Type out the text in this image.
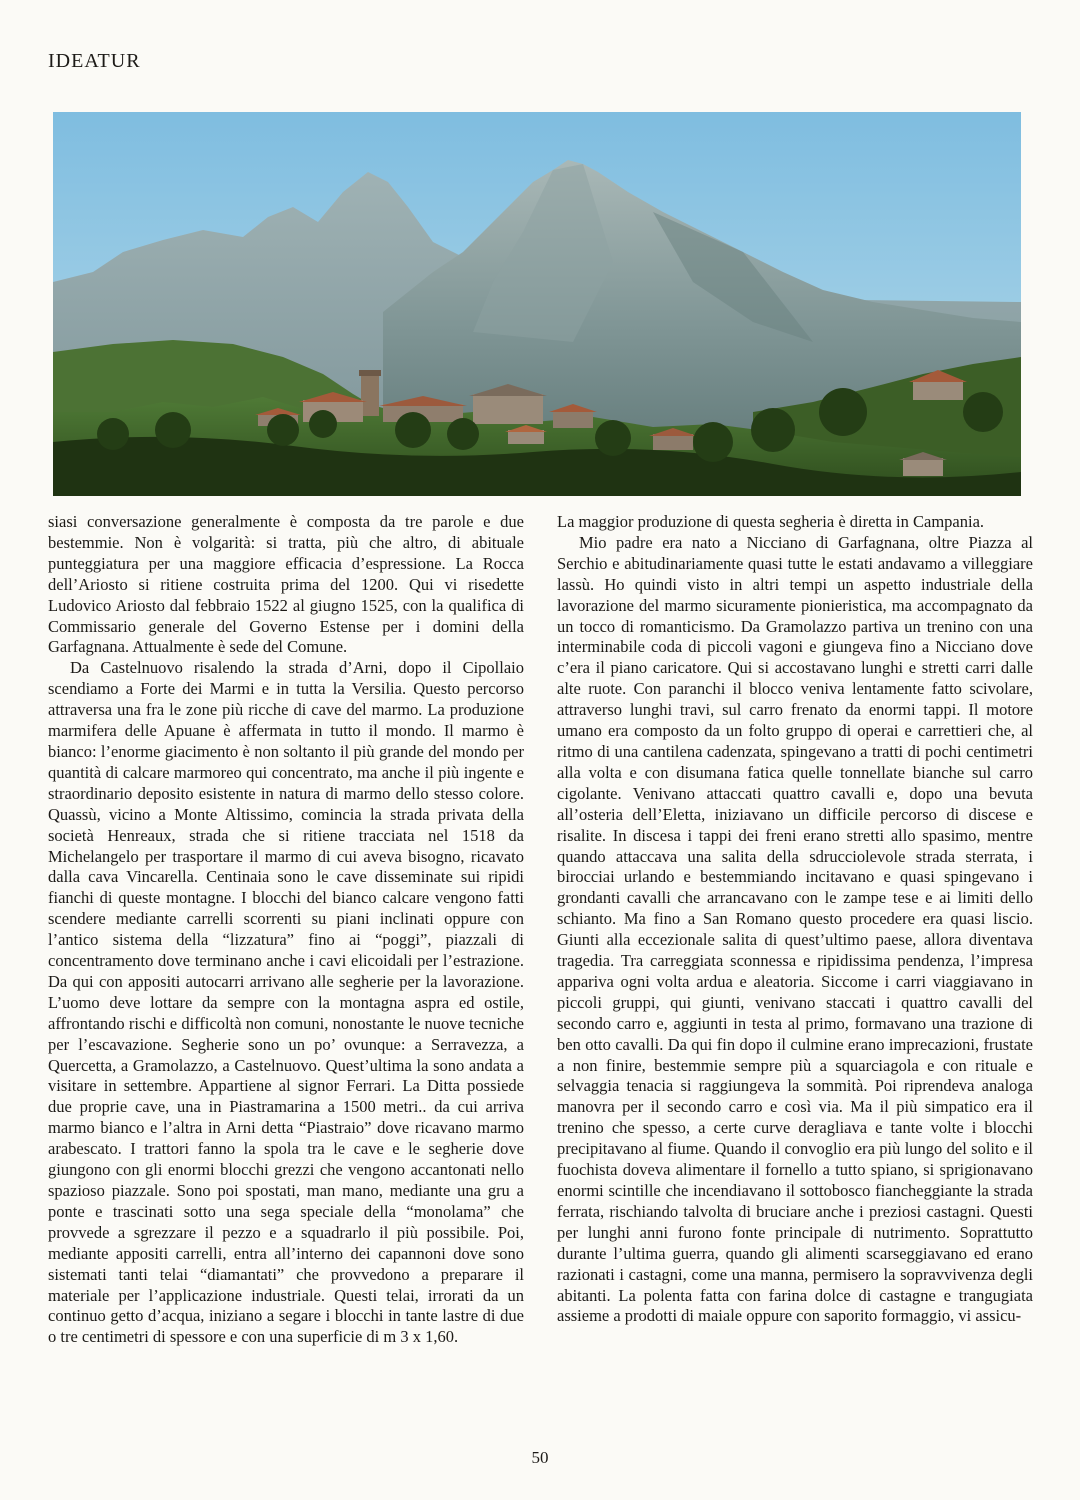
IDEATUR

siasi conversazione generalmente è composta da tre parole e due bestemmie. Non è volgarità: si tratta, più che altro, di abituale punteggiatura per una maggiore efficacia d’espressione. La Rocca dell’Ariosto si ritiene costruita prima del 1200. Qui vi risedette Ludovico Ariosto dal febbraio 1522 al giugno 1525, con la qualifica di Commissario generale del Governo Estense per i domini della Garfagnana. Attualmente è sede del Comune.

Da Castelnuovo risalendo la strada d’Arni, dopo il Cipollaio scendiamo a Forte dei Marmi e in tutta la Versilia. Questo percorso attraversa una fra le zone più ricche di cave del marmo. La produzione marmifera delle Apuane è affermata in tutto il mondo. Il marmo è bianco: l’enorme giacimento è non soltanto il più grande del mondo per quantità di calcare marmoreo qui concentrato, ma anche il più ingente e straordinario deposito esistente in natura di marmo dello stesso colore. Quassù, vicino a Monte Altissimo, comincia la strada privata della società Henreaux, strada che si ritiene tracciata nel 1518 da Michelangelo per trasportare il marmo di cui aveva bisogno, ricavato dalla cava Vincarella. Centinaia sono le cave disseminate sui ripidi fianchi di queste montagne. I blocchi del bianco calcare vengono fatti scendere mediante carrelli scorrenti su piani inclinati oppure con l’antico sistema della “lizzatura” fino ai “poggi”, piazzali di concentramento dove terminano anche i cavi elicoidali per l’estrazione. Da qui con appositi autocarri arrivano alle segherie per la lavorazione. L’uomo deve lottare da sempre con la montagna aspra ed ostile, affrontando rischi e difficoltà non comuni, nonostante le nuove tecniche per l’escavazione. Segherie sono un po’ ovunque: a Serravezza, a Quercetta, a Gramolazzo, a Castelnuovo. Quest’ultima la sono andata a visitare in settembre. Appartiene al signor Ferrari. La Ditta possiede due proprie cave, una in Piastramarina a 1500 metri.. da cui arriva marmo bianco e l’altra in Arni detta “Piastraio” dove ricavano marmo arabescato. I trattori fanno la spola tra le cave e le segherie dove giungono con gli enormi blocchi grezzi che vengono accantonati nello spazioso piazzale. Sono poi spostati, man mano, mediante una gru a ponte e trascinati sotto una sega speciale della “monolama” che provvede a sgrezzare il pezzo e a squadrarlo il più possibile. Poi, mediante appositi carrelli, entra all’interno dei capannoni dove sono sistemati tanti telai “diamantati” che provvedono a preparare il materiale per l’applicazione industriale. Questi telai, irrorati da un continuo getto d’acqua, iniziano a segare i blocchi in tante lastre di due o tre centimetri di spessore e con una superficie di m 3 x 1,60.

La maggior produzione di questa segheria è diretta in Campania.

Mio padre era nato a Nicciano di Garfagnana, oltre Piazza al Serchio e abitudinariamente quasi tutte le estati andavamo a villeggiare lassù. Ho quindi visto in altri tempi un aspetto industriale della lavorazione del marmo sicuramente pionieristica, ma accompagnato da un tocco di romanticismo. Da Gramolazzo partiva un trenino con una interminabile coda di piccoli vagoni e giungeva fino a Nicciano dove c’era il piano caricatore. Qui si accostavano lunghi e stretti carri dalle alte ruote. Con paranchi il blocco veniva lentamente fatto scivolare, attraverso lunghi travi, sul carro frenato da enormi tappi. Il motore umano era composto da un folto gruppo di operai e carrettieri che, al ritmo di una cantilena cadenzata, spingevano a tratti di pochi centimetri alla volta e con disumana fatica quelle tonnellate bianche sul carro cigolante. Venivano attaccati quattro cavalli e, dopo una bevuta all’osteria dell’Eletta, iniziavano un difficile percorso di discese e risalite. In discesa i tappi dei freni erano stretti allo spasimo, mentre quando attaccava una salita della sdrucciolevole strada sterrata, i birocciai urlando e bestemmiando incitavano e quasi spingevano i grondanti cavalli che arrancavano con le zampe tese e ai limiti dello schianto. Ma fino a San Romano questo procedere era quasi liscio. Giunti alla eccezionale salita di quest’ultimo paese, allora diventava tragedia. Tra carreggiata sconnessa e ripidissima pendenza, l’impresa appariva ogni volta ardua e aleatoria. Siccome i carri viaggiavano in piccoli gruppi, qui giunti, venivano staccati i quattro cavalli del secondo carro e, aggiunti in testa al primo, formavano una trazione di ben otto cavalli. Da qui fin dopo il culmine erano imprecazioni, frustate a non finire, bestemmie sempre più a squarciagola e con rituale e selvaggia tenacia si raggiungeva la sommità. Poi riprendeva analoga manovra per il secondo carro e così via. Ma il più simpatico era il trenino che spesso, a certe curve deragliava e tante volte i blocchi precipitavano al fiume. Quando il convoglio era più lungo del solito e il fuochista doveva alimentare il fornello a tutto spiano, si sprigionavano enormi scintille che incendiavano il sottobosco fiancheggiante la strada ferrata, rischiando talvolta di bruciare anche i preziosi castagni. Questi per lunghi anni furono fonte principale di nutrimento. Soprattutto durante l’ultima guerra, quando gli alimenti scarseggiavano ed erano razionati i castagni, come una manna, permisero la sopravvivenza degli abitanti. La polenta fatta con farina dolce di castagne e trangugiata assieme a prodotti di maiale oppure con saporito formaggio, vi assicu-

50
